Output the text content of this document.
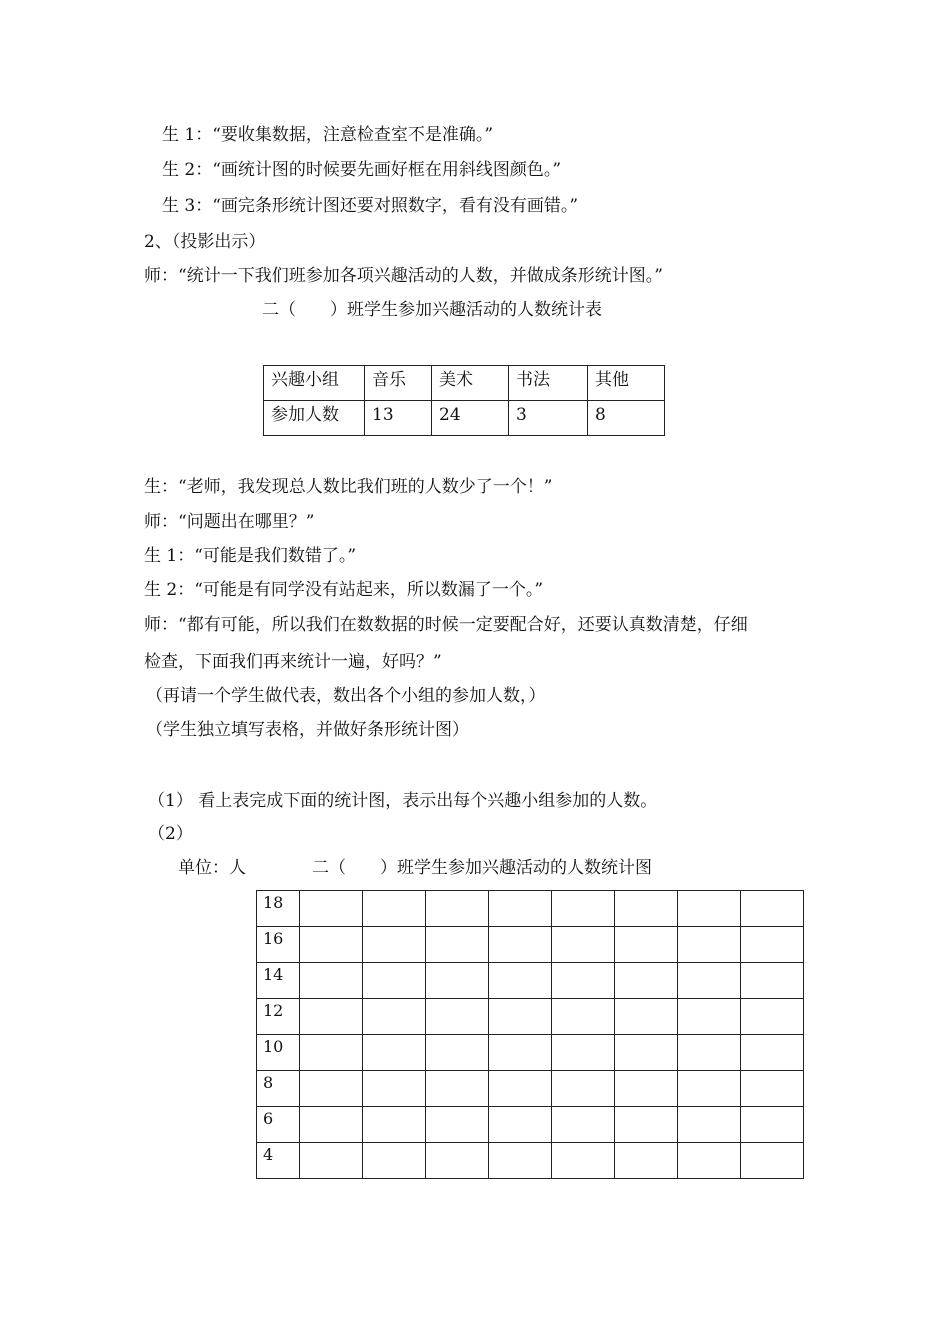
生 1：“要收集数据，注意检查室不是准确。”
生 2：“画统计图的时候要先画好框在用斜线图颜色。”
生 3：“画完条形统计图还要对照数字，看有没有画错。”
2、（投影出示）
师：“统计一下我们班参加各项兴趣活动的人数，并做成条形统计图。”
二（　　）班学生参加兴趣活动的人数统计表
兴趣小组	音乐	美术	书法	其他
参加人数	13	24	3	8
生：“老师，我发现总人数比我们班的人数少了一个！”
师：“问题出在哪里？”
生 1：“可能是我们数错了。”
生 2：“可能是有同学没有站起来，所以数漏了一个。”
师：“都有可能，所以我们在数数据的时候一定要配合好，还要认真数清楚，仔细
检查，下面我们再来统计一遍，好吗？”
（再请一个学生做代表，数出各个小组的参加人数，）
（学生独立填写表格，并做好条形统计图）
（1） 看上表完成下面的统计图，表示出每个兴趣小组参加的人数。
（2）
单位：人	二（　　）班学生参加兴趣活动的人数统计图
18								
16								
14								
12								
10								
8								
6								
4								
